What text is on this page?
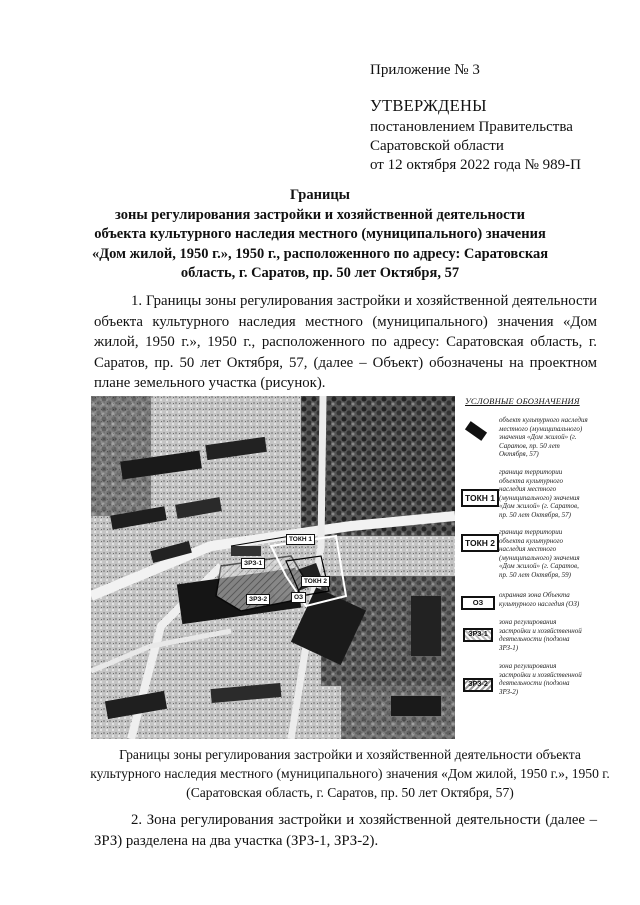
Приложение № 3
УТВЕРЖДЕНЫ
постановлением Правительства
Саратовской области
от 12 октября 2022 года № 989-П
Границы
зоны регулирования застройки и хозяйственной деятельности
объекта культурного наследия местного (муниципального) значения
«Дом жилой, 1950 г.», 1950 г., расположенного по адресу: Саратовская
область, г. Саратов, пр. 50 лет Октября, 57
1. Границы зоны регулирования застройки и хозяйственной деятельности объекта культурного наследия местного (муниципального) значения «Дом жилой, 1950 г.», 1950 г., расположенного по адресу: Саратовская область, г. Саратов, пр. 50 лет Октября, 57, (далее – Объект) обозначены на проектном плане земельного участка (рисунок).
ТОКН 1
ТОКН 2
ЗРЗ-1
ЗРЗ-2	ОЗ
УСЛОВНЫЕ ОБОЗНАЧЕНИЯ
объект культурного наследия местного (муниципального) значения «Дом жилой» (г. Саратов, пр. 50 лет Октября, 57)
ТОКН 1
граница территории объекта культурного наследия местного (муниципального) значения «Дом жилой» (г. Саратов, пр. 50 лет Октября, 57)
ТОКН 2
граница территории объекта культурного наследия местного (муниципального) значения «Дом жилой» (г. Саратов, пр. 50 лет Октября, 59)
ОЗ
охранная зона Объекта культурного наследия (ОЗ)
ЗРЗ-1
зона регулирования застройки и хозяйственной деятельности (подзона ЗРЗ-1)
ЗРЗ-2
зона регулирования застройки и хозяйственной деятельности (подзона ЗРЗ-2)
Границы зоны регулирования застройки и хозяйственной деятельности объекта
культурного наследия местного (муниципального) значения «Дом жилой, 1950 г.», 1950 г.
(Саратовская область, г. Саратов, пр. 50 лет Октября, 57)
2. Зона регулирования застройки и хозяйственной деятельности (далее – ЗРЗ) разделена на два участка (ЗРЗ-1, ЗРЗ-2).
